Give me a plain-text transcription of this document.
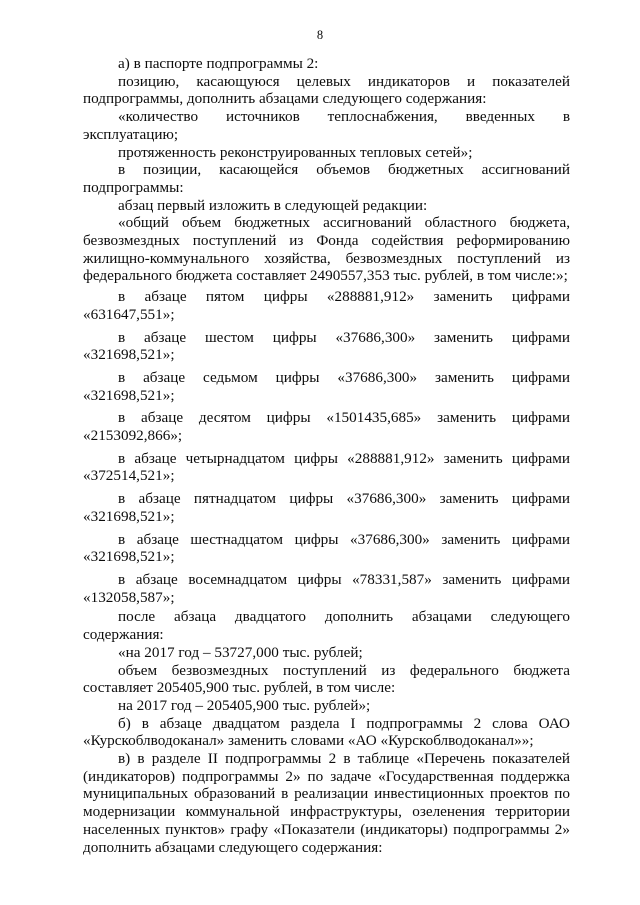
8

а) в паспорте подпрограммы 2:

позицию, касающуюся целевых индикаторов и показателей подпрограммы, дополнить абзацами следующего содержания:

«количество источников теплоснабжения, введенных в эксплуатацию;

протяженность реконструированных тепловых сетей»;

в позиции, касающейся объемов бюджетных ассигнований подпрограммы:

абзац первый изложить в следующей редакции:

«общий объем бюджетных ассигнований областного бюджета, безвозмездных поступлений из Фонда содействия реформированию жилищно-коммунального хозяйства, безвозмездных поступлений из федерального бюджета составляет 2490557,353 тыс. рублей, в том числе:»;

в абзаце пятом цифры «288881,912» заменить цифрами «631647,551»;

в абзаце шестом цифры «37686,300» заменить цифрами «321698,521»;

в абзаце седьмом цифры «37686,300» заменить цифрами «321698,521»;

в абзаце десятом цифры «1501435,685» заменить цифрами «2153092,866»;

в абзаце четырнадцатом цифры «288881,912» заменить цифрами «372514,521»;

в абзаце пятнадцатом цифры «37686,300» заменить цифрами «321698,521»;

в абзаце шестнадцатом цифры «37686,300» заменить цифрами «321698,521»;

в абзаце восемнадцатом цифры «78331,587» заменить цифрами «132058,587»;

после абзаца двадцатого дополнить абзацами следующего содержания:

«на 2017 год – 53727,000 тыс. рублей;

объем безвозмездных поступлений из федерального бюджета составляет 205405,900 тыс. рублей, в том числе:

на 2017 год – 205405,900 тыс. рублей»;

б) в абзаце двадцатом раздела I подпрограммы 2 слова ОАО «Курскоблводоканал» заменить словами «АО «Курскоблводоканал»»;

в) в разделе II подпрограммы 2 в таблице «Перечень показателей (индикаторов) подпрограммы 2» по задаче «Государственная поддержка муниципальных образований в реализации инвестиционных проектов по модернизации коммунальной инфраструктуры, озеленения территории населенных пунктов» графу «Показатели (индикаторы) подпрограммы 2» дополнить абзацами следующего содержания:
